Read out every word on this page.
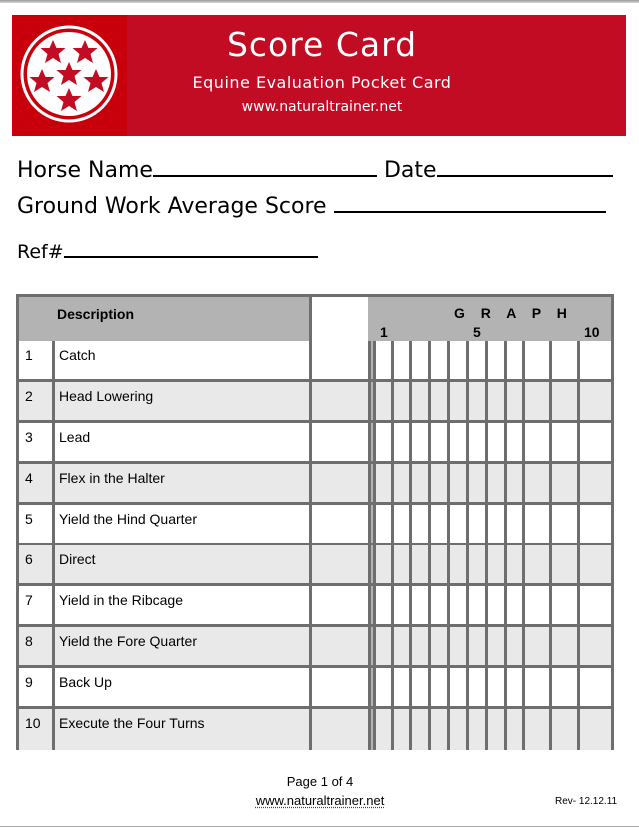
Score Card
Equine Evaluation Pocket Card
www.naturaltrainer.net
Horse Name	Date
Ground Work Average Score
Ref#
Description	G R A P H
1	5	10
1 Catch
2 Head Lowering
3 Lead
4 Flex in the Halter
5 Yield the Hind Quarter
6 Direct
7 Yield in the Ribcage
8 Yield the Fore Quarter
9 Back Up
10 Execute the Four Turns
Page 1 of 4
www.naturaltrainer.net	Rev- 12.12.11
